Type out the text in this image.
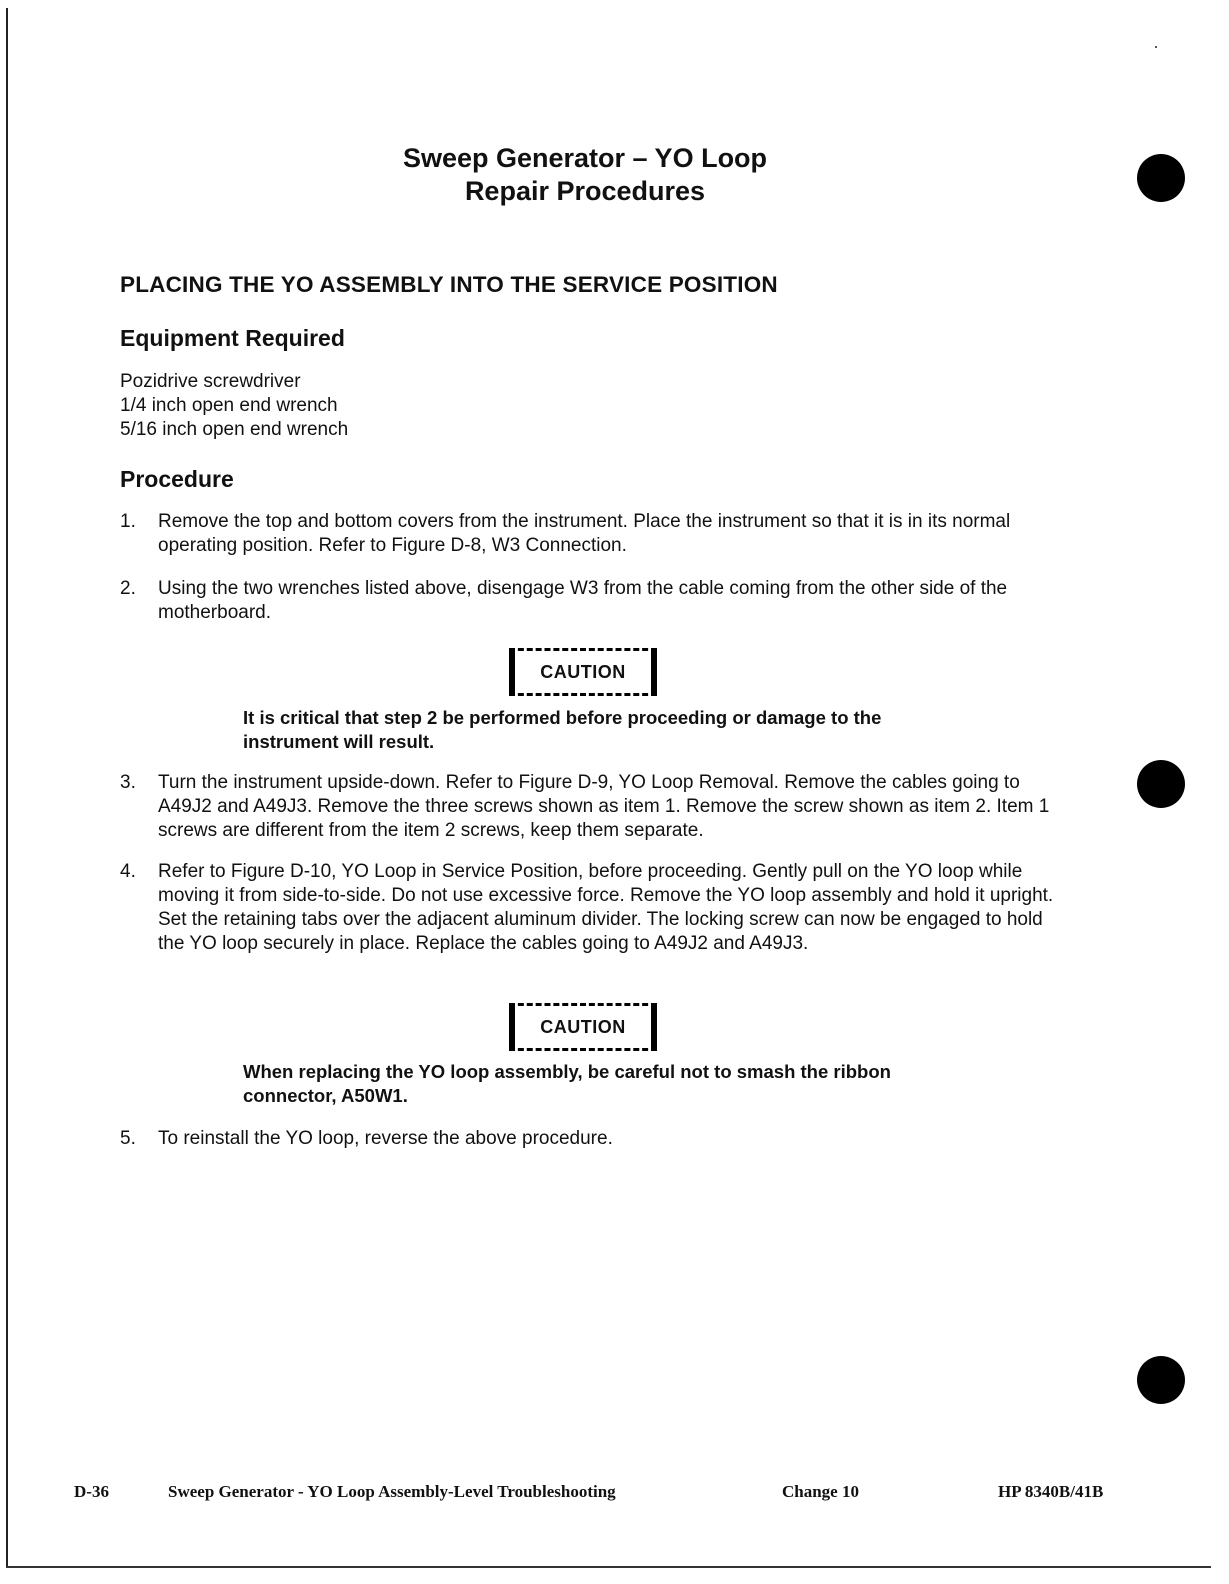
Sweep Generator – YO Loop
Repair Procedures
PLACING THE YO ASSEMBLY INTO THE SERVICE POSITION
Equipment Required
Pozidrive screwdriver
1/4 inch open end wrench
5/16 inch open end wrench
Procedure
1. Remove the top and bottom covers from the instrument. Place the instrument so that it is in its normal operating position. Refer to Figure D-8, W3 Connection.
2. Using the two wrenches listed above, disengage W3 from the cable coming from the other side of the motherboard.
CAUTION
It is critical that step 2 be performed before proceeding or damage to the instrument will result.
3. Turn the instrument upside-down. Refer to Figure D-9, YO Loop Removal. Remove the cables going to A49J2 and A49J3. Remove the three screws shown as item 1. Remove the screw shown as item 2. Item 1 screws are different from the item 2 screws, keep them separate.
4. Refer to Figure D-10, YO Loop in Service Position, before proceeding. Gently pull on the YO loop while moving it from side-to-side. Do not use excessive force. Remove the YO loop assembly and hold it upright. Set the retaining tabs over the adjacent aluminum divider. The locking screw can now be engaged to hold the YO loop securely in place. Replace the cables going to A49J2 and A49J3.
CAUTION
When replacing the YO loop assembly, be careful not to smash the ribbon connector, A50W1.
5. To reinstall the YO loop, reverse the above procedure.
D-36	Sweep Generator - YO Loop Assembly-Level Troubleshooting	Change 10	HP 8340B/41B
